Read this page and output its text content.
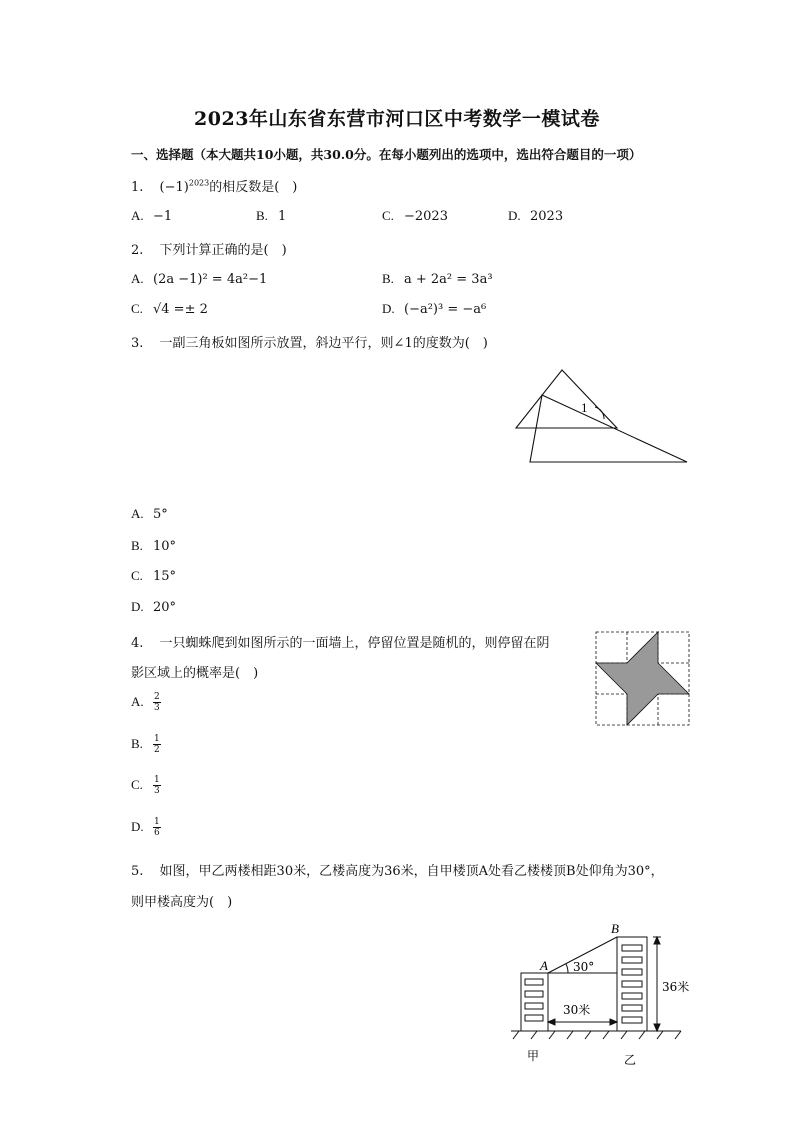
2023年山东省东营市河口区中考数学一模试卷
一、选择题（本大题共10小题，共30.0分。在每小题列出的选项中，选出符合题目的一项）
1. $(-1)^{2023}$的相反数是(　)
A. −1	B. 1	C. −2023	D. 2023
2. 下列计算正确的是(　)
A. (2a −1)² = 4a²−1	B. a + 2a² = 3a³
C. √4 =± 2	D. (−a²)³ = −a⁶
3. 一副三角板如图所示放置，斜边平行，则∠1的度数为(　)
1
A. 5°
B. 10°
C. 15°
D. 20°
4. 一只蜘蛛爬到如图所示的一面墙上，停留位置是随机的，则停留在阴
影区域上的概率是(　)
A. $\frac{2}{3}$
B. $\frac{1}{2}$
C. $\frac{1}{3}$
D. $\frac{1}{6}$
5. 如图，甲乙两楼相距30米，乙楼高度为36米，自甲楼顶A处看乙楼楼顶B处仰角为30°，
则甲楼高度为(　)
A
B
30°
30米
36米
甲	乙
